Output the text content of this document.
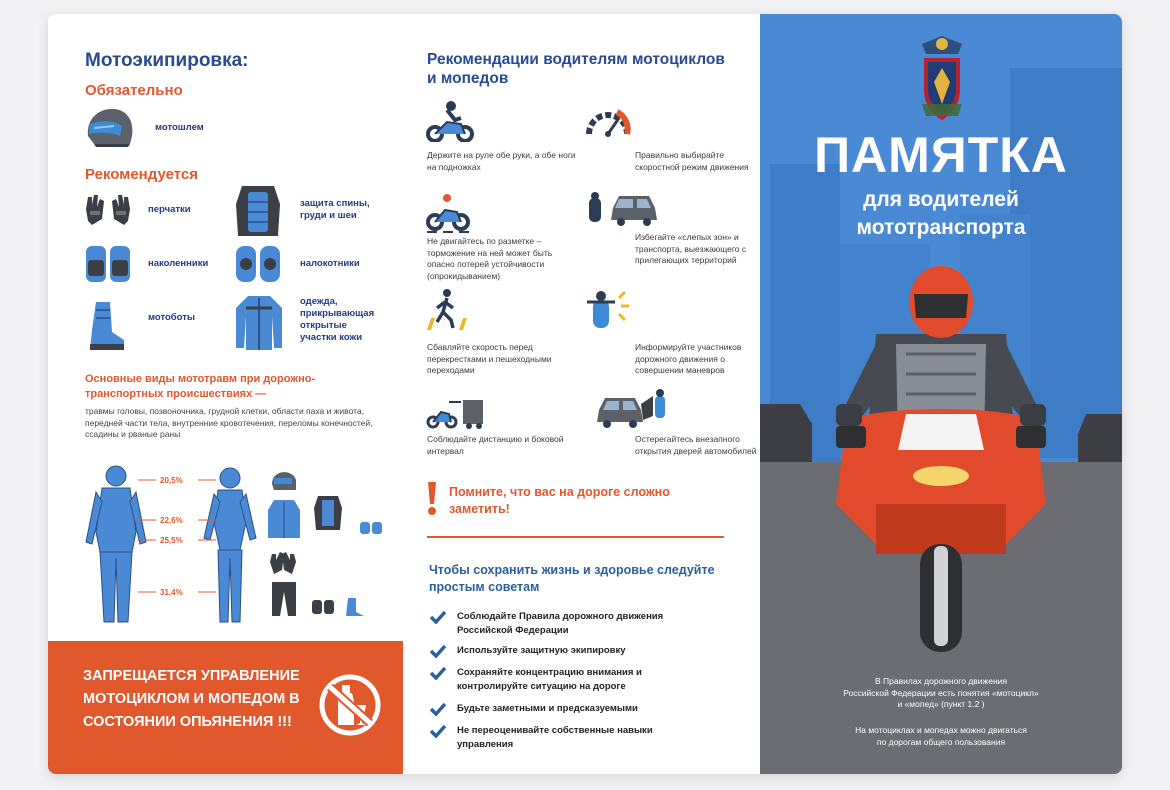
Мотоэкипировка:
Обязательно
мотошлем
Рекомендуется
перчатки
защита спины, груди и шеи
наколенники	налокотники
мотоботы
одежда, прикрывающая открытые участки кожи
Основные виды мототравм при дорожно-транспортных происшествиях —
травмы головы, позвоночника, грудной клетки, области паха и живота, передней части тела, внутренние кровотечения, переломы конечностей, ссадины и рваные раны
20,5%
22,6%
25,5%
31,4%
ЗАПРЕЩАЕТСЯ УПРАВЛЕНИЕ МОТОЦИКЛОМ И МОПЕДОМ В СОСТОЯНИИ ОПЬЯНЕНИЯ !!!
Рекомендации водителям мотоциклов и мопедов
Держите на руле обе руки, а обе ноги на подножках
Правильно выбирайте скоростной режим движения
Не двигайтесь по разметке – торможение на ней может быть опасно потерей устойчивости (опрокидыванием)
Избегайте «слепых зон» и транспорта, выезжающего с прилегающих территорий
Сбавляйте скорость перед перекрестками и пешеходными переходами
Информируйте участников дорожного движения о совершении маневров
Соблюдайте дистанцию и боковой интервал
Остерегайтесь внезапного открытия дверей автомобилей
Помните, что вас на дороге сложно заметить!
Чтобы сохранить жизнь и здоровье следуйте простым советам
Соблюдайте Правила дорожного движения Российской Федерации
Используйте защитную экипировку
Сохраняйте концентрацию внимания и контролируйте ситуацию на дороге
Будьте заметными и предсказуемыми
Не переоценивайте собственные навыки управления
ПАМЯТКА
для водителей
мототранспорта
В Правилах дорожного движения
Российской Федерации есть понятия «мотоцикл»
и «мопед» (пункт 1.2 )
На мотоциклах и мопедах можно двигаться
по дорогам общего пользования
